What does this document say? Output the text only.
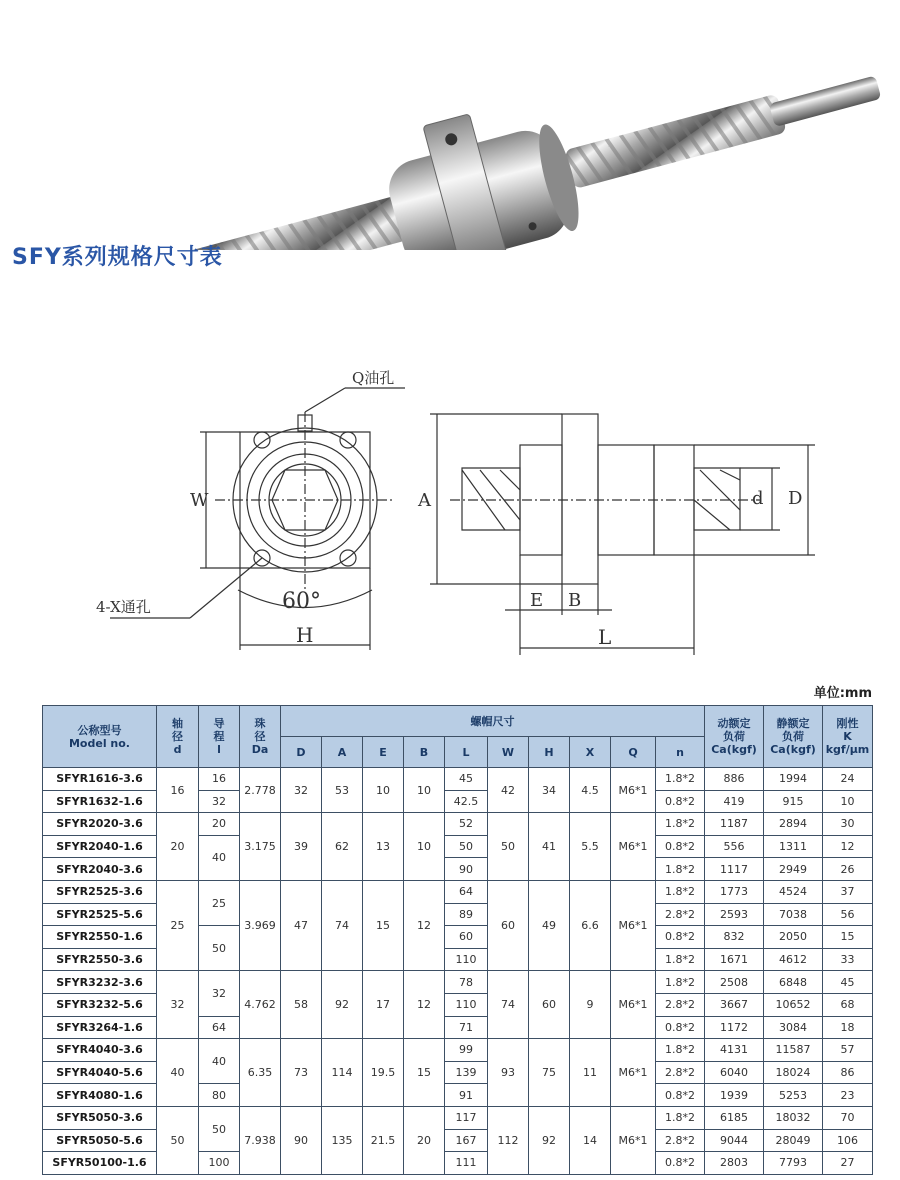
SFY系列规格尺寸表
Q油孔
4-X通孔	60°
W
H
A
E B
L
d D
单位:mm
公称型号
Model no.	轴
径
d	导
程
l	珠
径
Da	螺帽尺寸										动额定
负荷
Ca(kgf)	静额定
负荷
Ca(kgf)	刚性
K
kgf/μm
				D	A	E	B	L	W	H	X	Q	n			
SFYR1616-3.6	16	16	2.778	32	53	10	10	45	42	34	4.5	M6*1	1.8*2	886	1994	24
SFYR1632-1.6		32						42.5					0.8*2	419	915	10
SFYR2020-3.6	20	20	3.175	39	62	13	10	52	50	41	5.5	M6*1	1.8*2	1187	2894	30
SFYR2040-1.6		40						50					0.8*2	556	1311	12
SFYR2040-3.6								90					1.8*2	1117	2949	26
SFYR2525-3.6	25	25	3.969	47	74	15	12	64	60	49	6.6	M6*1	1.8*2	1773	4524	37
SFYR2525-5.6								89					2.8*2	2593	7038	56
SFYR2550-1.6		50						60					0.8*2	832	2050	15
SFYR2550-3.6								110					1.8*2	1671	4612	33
SFYR3232-3.6	32	32	4.762	58	92	17	12	78	74	60	9	M6*1	1.8*2	2508	6848	45
SFYR3232-5.6								110					2.8*2	3667	10652	68
SFYR3264-1.6		64						71					0.8*2	1172	3084	18
SFYR4040-3.6	40	40	6.35	73	114	19.5	15	99	93	75	11	M6*1	1.8*2	4131	11587	57
SFYR4040-5.6								139					2.8*2	6040	18024	86
SFYR4080-1.6		80						91					0.8*2	1939	5253	23
SFYR5050-3.6	50	50	7.938	90	135	21.5	20	117	112	92	14	M6*1	1.8*2	6185	18032	70
SFYR5050-5.6								167					2.8*2	9044	28049	106
SFYR50100-1.6		100						111					0.8*2	2803	7793	27
